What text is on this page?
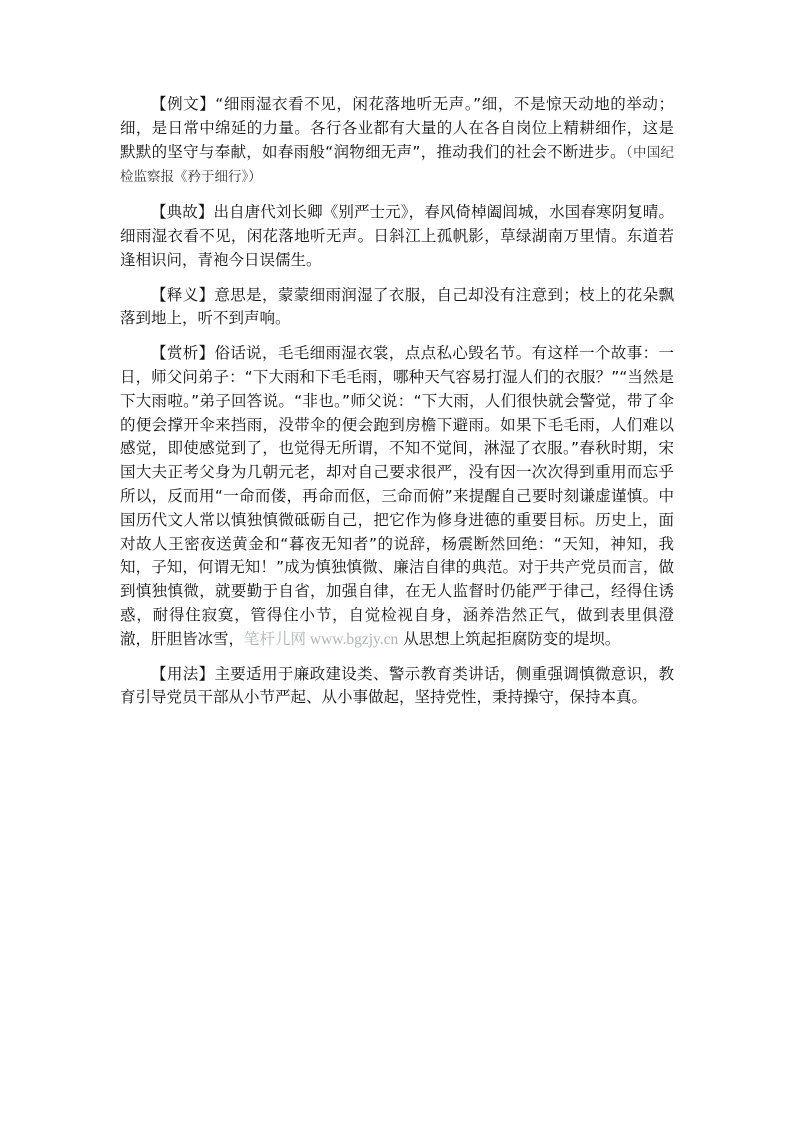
【例文】“细雨湿衣看不见，闲花落地听无声。”细，不是惊天动地的举动；细，是日常中绵延的力量。各行各业都有大量的人在各自岗位上精耕细作，这是默默的坚守与奉献，如春雨般“润物细无声”，推动我们的社会不断进步。（中国纪检监察报《矜于细行》）

【典故】出自唐代刘长卿《别严士元》，春风倚棹阖闾城，水国春寒阴复晴。细雨湿衣看不见，闲花落地听无声。日斜江上孤帆影，草绿湖南万里情。东道若逢相识问，青袍今日误儒生。

【释义】意思是，蒙蒙细雨润湿了衣服，自己却没有注意到；枝上的花朵飘落到地上，听不到声响。

【赏析】俗话说，毛毛细雨湿衣裳，点点私心毁名节。有这样一个故事：一日，师父问弟子：“下大雨和下毛毛雨，哪种天气容易打湿人们的衣服？”“当然是下大雨啦。”弟子回答说。“非也。”师父说：“下大雨，人们很快就会警觉，带了伞的便会撑开伞来挡雨，没带伞的便会跑到房檐下避雨。如果下毛毛雨，人们难以感觉，即使感觉到了，也觉得无所谓，不知不觉间，淋湿了衣服。”春秋时期，宋国大夫正考父身为几朝元老，却对自己要求很严，没有因一次次得到重用而忘乎所以，反而用“一命而偻，再命而伛，三命而俯”来提醒自己要时刻谦虚谨慎。中国历代文人常以慎独慎微砥砺自己，把它作为修身进德的重要目标。历史上，面对故人王密夜送黄金和“暮夜无知者”的说辞，杨震断然回绝：“天知，神知，我知，子知，何谓无知！”成为慎独慎微、廉洁自律的典范。对于共产党员而言，做到慎独慎微，就要勤于自省，加强自律，在无人监督时仍能严于律己，经得住诱惑，耐得住寂寞，管得住小节，自觉检视自身，涵养浩然正气，做到表里俱澄澈，肝胆皆冰雪，笔杆儿网 www.bgzjy.cn 从思想上筑起拒腐防变的堤坝。

【用法】主要适用于廉政建设类、警示教育类讲话，侧重强调慎微意识，教育引导党员干部从小节严起、从小事做起，坚持党性，秉持操守，保持本真。
